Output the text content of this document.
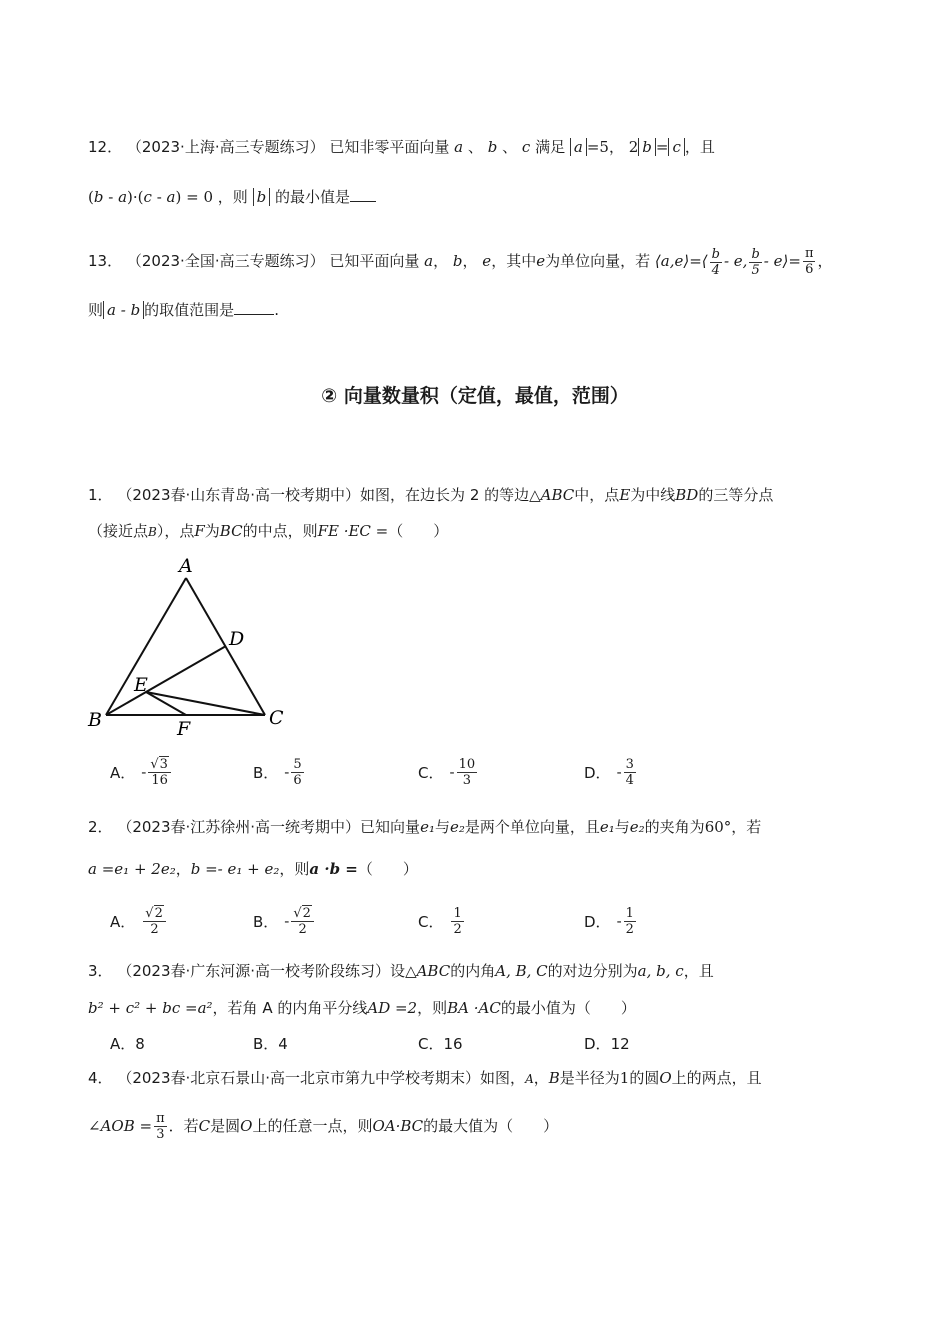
12． （2023·上海·高三专题练习） 已知非零平面向量 a 、 b 、 c 满足 a =5， 2 b = c ，且
(b - a)·(c - a) = 0 ，则 b 的最小值是
13． （2023·全国·高三专题练习） 已知平面向量 a， b， e，其中e为单位向量，若 ⟨a,e⟩=⟨ $\frac{b}{4}$ - e, $\frac{b}{5}$ - e⟩= $\frac{\pi}{6}$ ，
则 a - b 的取值范围是	.
② 向量数量积（定值，最值，范围）
1． （2023春·山东青岛·高一校考期中）如图，在边长为 2 的等边△ABC中，点E为中线BD的三等分点
（接近点B），点F为BC的中点，则FE ·EC =（　　）
A
B	C
D
E
F
A． - $\frac{√3}{16}$	B． - $\frac{5}{6}$	C． - $\frac{10}{3}$	D． - $\frac{3}{4}$
2． （2023春·江苏徐州·高一统考期中）已知向量e₁与e₂是两个单位向量，且e₁与e₂的夹角为60°，若
a =e₁ + 2e₂，b =- e₁ + e₂，则a ·b =（　　）
A． $\frac{√2}{2}$	B． - $\frac{√2}{2}$	C． $\frac{1}{2}$	D． - $\frac{1}{2}$
3． （2023春·广东河源·高一校考阶段练习）设△ABC的内角A, B, C的对边分别为a, b, c，且
b² + c² + bc =a²，若角 A 的内角平分线AD =2，则BA ·AC的最小值为（　　）
A．8	B．4	C．16	D．12
4． （2023春·北京石景山·高一北京市第九中学校考期末）如图，A，B是半径为1的圆O上的两点，且
∠AOB = $\frac{\pi}{3}$ ．若C是圆O上的任意一点，则OA·BC的最大值为（　　）
